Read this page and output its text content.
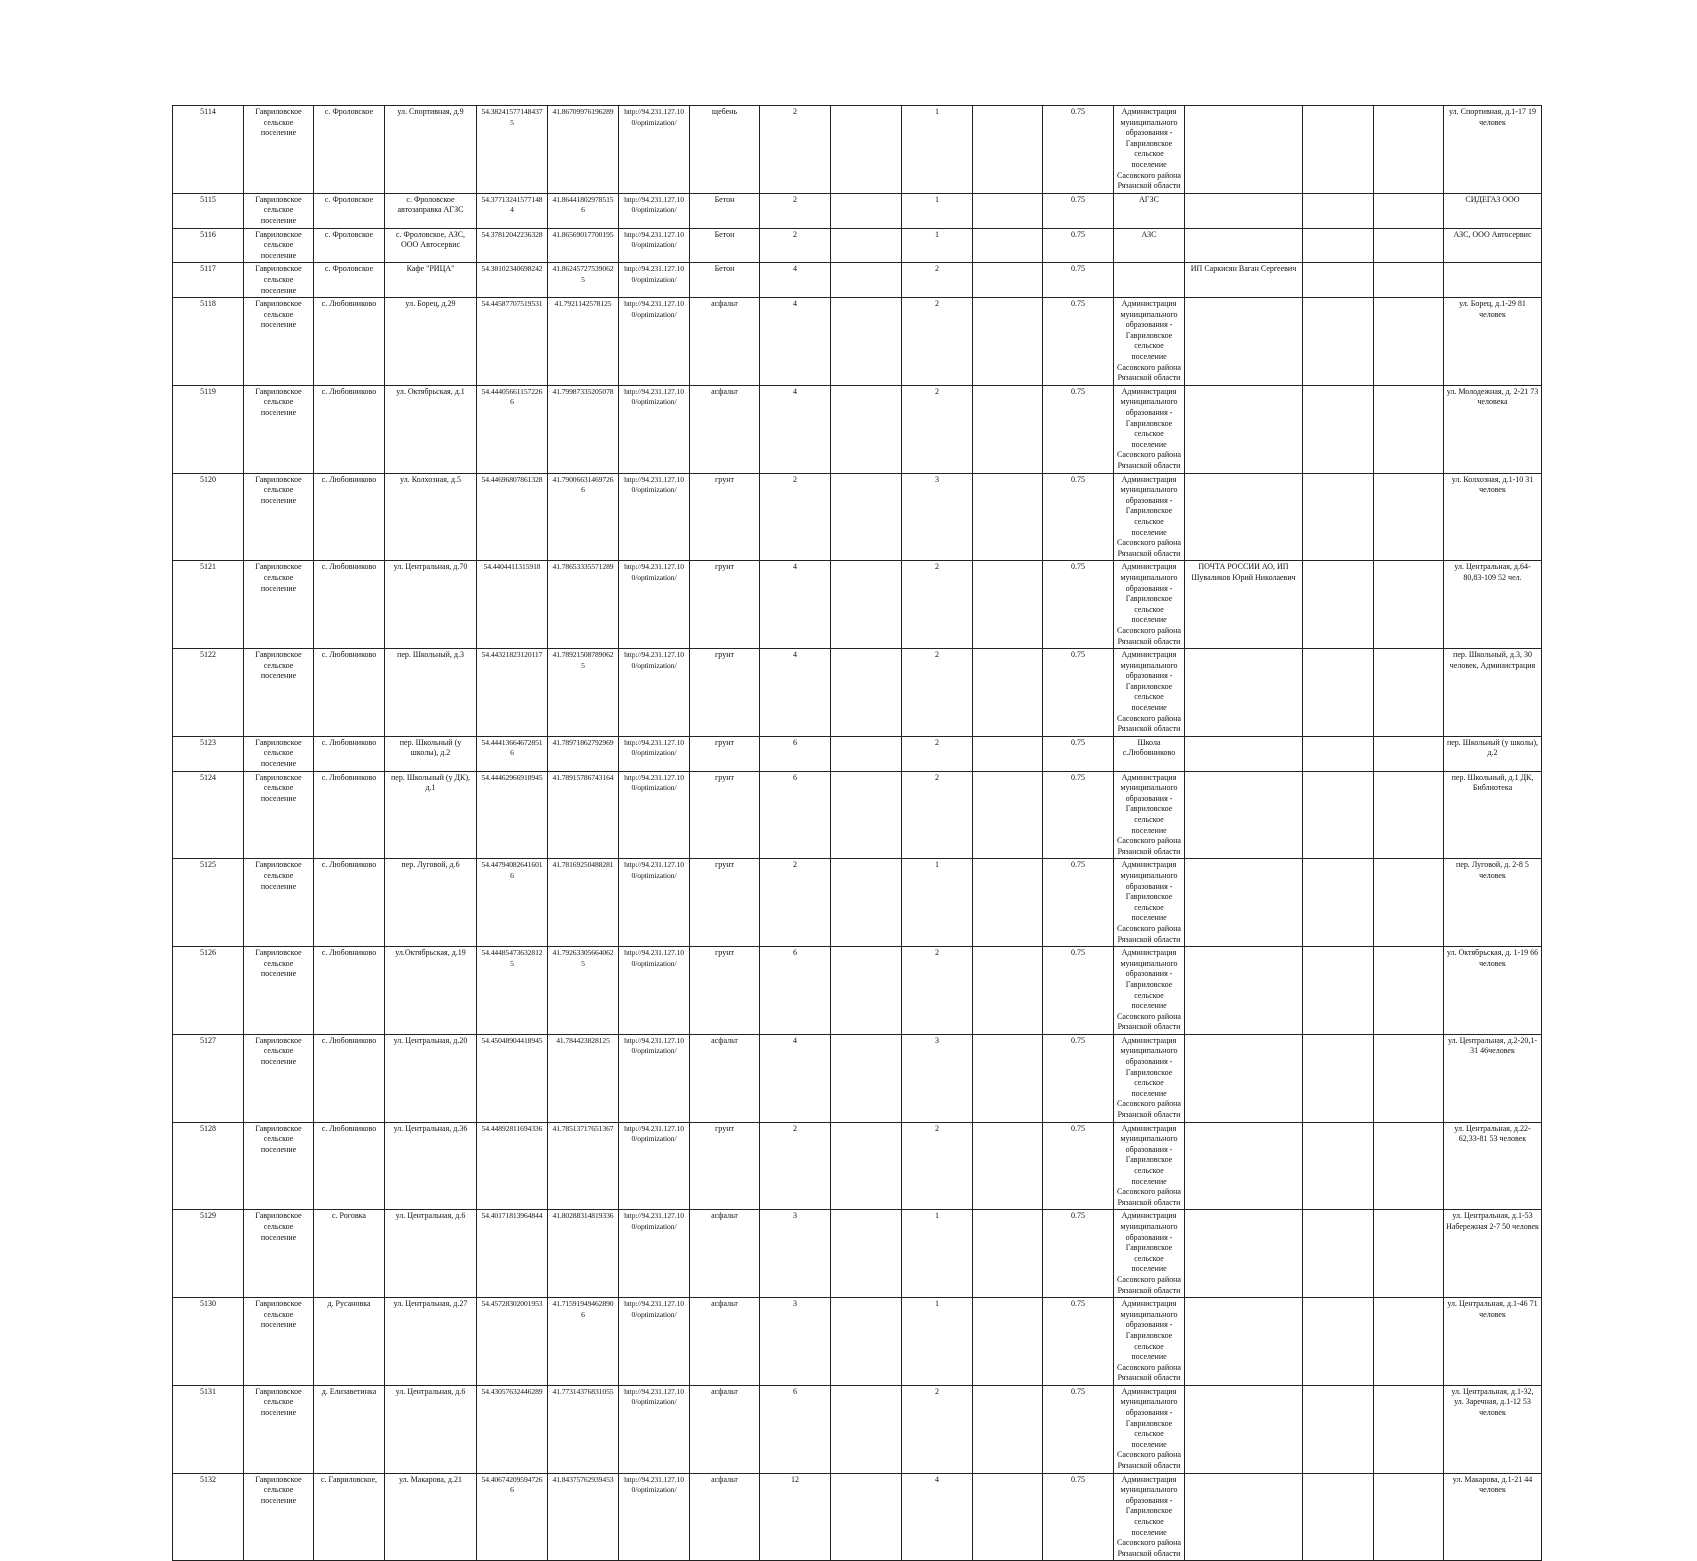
5114	Гавриловское сельское поселение	с. Фроловское	ул. Спортивная, д.9	54.38241577148437 5	41.86709976196289	http://94.231.127.10 0/optimization/	щебень	2		1		0.75	Администрация муниципального образования - Гавриловское сельское поселение Сасовского района Рязанской области				ул. Спортивная, д.1-17 19 человек
5115	Гавриловское сельское поселение	с. Фроловское	с. Фроловское автозаправка АГЗС	54.37713241577148 4	41.86441802978515 6	http://94.231.127.10 0/optimization/	Бетон	2		1		0.75	АГЗС				СИДЕГАЗ ООО
5116	Гавриловское сельское поселение	с. Фроловское	с. Фроловское, АЗС, ООО Автосервис	54.37812042236328	41.86569017700195	http://94.231.127.10 0/optimization/	Бетон	2		1		0.75	АЗС				АЗС, ООО Автосервис
5117	Гавриловское сельское поселение	с. Фроловское	Кафе "РИЦА"	54.38102340698242	41.86245727539062 5	http://94.231.127.10 0/optimization/	Бетон	4		2		0.75		ИП Саркисян Ваган Сергеевич			
5118	Гавриловское сельское поселение	с. Любовниково	ул. Борец, д.29	54.44587707519531	41.7921142578125	http://94.231.127.10 0/optimization/	асфальт	4		2		0.75	Администрация муниципального образования - Гавриловское сельское поселение Сасовского района Рязанской области				ул. Борец, д.1-29 81 человек
5119	Гавриловское сельское поселение	с. Любовниково	ул. Октябрьская, д.1	54.44405661157226 6	41.79987335205078	http://94.231.127.10 0/optimization/	асфальт	4		2		0.75	Администрация муниципального образования - Гавриловское сельское поселение Сасовского района Рязанской области				ул. Молодежная, д. 2-21 73 человека
5120	Гавриловское сельское поселение	с. Любовниково	ул. Колхозная, д.5	54.44696807861328	41.79006631469726 6	http://94.231.127.10 0/optimization/	грунт	2		3		0.75	Администрация муниципального образования - Гавриловское сельское поселение Сасовского района Рязанской области				ул. Колхозная, д.1-10 31 человек
5121	Гавриловское сельское поселение	с. Любовниково	ул. Центральная, д.70	54.4404411315918	41.78653335571289	http://94.231.127.10 0/optimization/	грунт	4		2		0.75	Администрация муниципального образования - Гавриловское сельское поселение Сасовского района Рязанской области	ПОЧТА РОССИИ АО, ИП Шуваликов Юрий Николаевич			ул. Центральная, д.64-80,83-109 52 чел.
5122	Гавриловское сельское поселение	с. Любовниково	пер. Школьный, д.3	54.44321823120117	41.78921508789062 5	http://94.231.127.10 0/optimization/	грунт	4		2		0.75	Администрация муниципального образования - Гавриловское сельское поселение Сасовского района Рязанской области				пер. Школьный, д.3, 30 человек, Администрация
5123	Гавриловское сельское поселение	с. Любовниково	пер. Школьный (у школы), д.2	54.44413664672851 6	41.78971862792969	http://94.231.127.10 0/optimization/	грунт	6		2		0.75	Школа с.Любовниково				пер. Школьный (у школы), д.2
5124	Гавриловское сельское поселение	с. Любовниково	пер. Школьный (у ДК), д.1	54.44462966918945	41.78915786743164	http://94.231.127.10 0/optimization/	грунт	6		2		0.75	Администрация муниципального образования - Гавриловское сельское поселение Сасовского района Рязанской области				пер. Школьный, д.1 ДК, Библиотека
5125	Гавриловское сельское поселение	с. Любовниково	пер. Луговой, д.6	54.44794082641601 6	41.78169250488281	http://94.231.127.10 0/optimization/	грунт	2		1		0.75	Администрация муниципального образования - Гавриловское сельское поселение Сасовского района Рязанской области				пер. Луговой, д. 2-8 5 человек
5126	Гавриловское сельское поселение	с. Любовниково	ул.Октябрьская, д.19	54.44485473632812 5	41.79263305664062 5	http://94.231.127.10 0/optimization/	грунт	6		2		0.75	Администрация муниципального образования - Гавриловское сельское поселение Сасовского района Рязанской области				ул. Октябрьская, д. 1-19 66 человек
5127	Гавриловское сельское поселение	с. Любовниково	ул. Центральная, д.20	54.45048904418945	41.784423828125	http://94.231.127.10 0/optimization/	асфальт	4		3		0.75	Администрация муниципального образования - Гавриловское сельское поселение Сасовского района Рязанской области				ул. Центральная, д.2-20,1-31 46человек
5128	Гавриловское сельское поселение	с. Любовниково	ул. Центральная, д.36	54.44892811694336	41.78513717651367	http://94.231.127.10 0/optimization/	грунт	2		2		0.75	Администрация муниципального образования - Гавриловское сельское поселение Сасовского района Рязанской области				ул. Центральная, д.22-62,33-81 53 человек
5129	Гавриловское сельское поселение	с. Роговка	ул. Центральная, д.6	54.40171813964844	41.80288314819336	http://94.231.127.10 0/optimization/	асфальт	3		1		0.75	Администрация муниципального образования - Гавриловское сельское поселение Сасовского района Рязанской области				ул. Центральная, д.1-53 Набережная 2-7 50 человек
5130	Гавриловское сельское поселение	д. Русановка	ул. Центральная, д.27	54.45728302001953	41.71591949462890 6	http://94.231.127.10 0/optimization/	асфальт	3		1		0.75	Администрация муниципального образования - Гавриловское сельское поселение Сасовского района Рязанской области				ул. Центральная, д.1-46 71 человек
5131	Гавриловское сельское поселение	д. Елизаветинка	ул. Центральная, д.6	54.43057632446289	41.77314376831055	http://94.231.127.10 0/optimization/	асфальт	6		2		0.75	Администрация муниципального образования - Гавриловское сельское поселение Сасовского района Рязанской области				ул. Центральная, д.1-32, ул. Заречная, д.1-12 53 человек
5132	Гавриловское сельское поселение	с. Гавриловское,	ул. Макарова, д.21	54.40674209594726 6	41.84375762939453	http://94.231.127.10 0/optimization/	асфальт	12		4		0.75	Администрация муниципального образования - Гавриловское сельское поселение Сасовского района Рязанской области				ул. Макарова, д.1-21 44 человек
